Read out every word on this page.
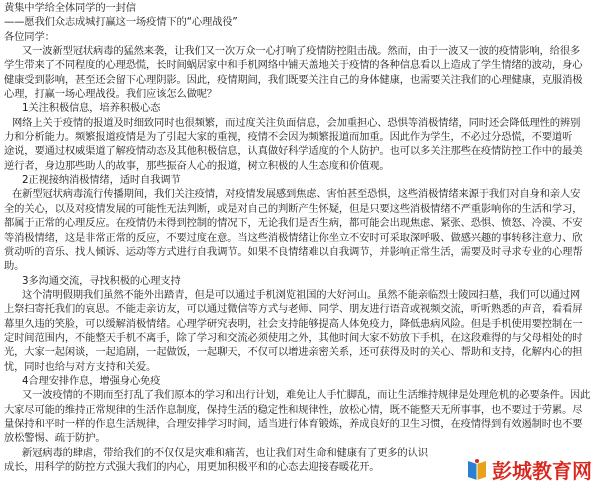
黄集中学给全体同学的一封信
——愿我们众志成城打赢这一场疫情下的“心理战役”
各位同学：
又一波新型冠状病毒的猛然来袭，让我们又一次万众一心打响了疫情防控阻击战。然而，由于一波又一波的疫情影响，给很多
学生带来了不同程度的心理恐慌，长时间蜗居家中和手机网络中铺天盖地关于疫情的各种信息看以上造成了学生情绪的波动，身心
健康受到影响，甚至还会留下心理阴影。因此，疫情期间，我们既要关注自己的身体健康，也需要关注我们的心理健康，克服消极
心理，打赢一场心理战役。我们应该怎么做呢？
1关注积极信息，培养积极心态
网络上关于疫情的报道及时细致同时也很频繁，而过度关注负面信息，会加重担心、恐惧等消极情绪，同时还会降低理性的辨别
力和分析能力。频繁报道疫情是为了引起大家的重视，疫情不会因为频繁报道而加重。因此作为学生，不必过分恐慌，不要道听
途说，要通过权威渠道了解疫情动态及其他积极信息，认真做好科学适度的个人防护。也可以多关注那些在疫情防控工作中的最美
逆行者，身边那些助人的故事，那些振奋人心的报道，树立积极的人生态度和价值观。
2正视接纳消极情绪，适时自我调节
在新型冠状病毒流行传播期间，我们关注疫情，对疫情发展感到焦虑、害怕甚至恐惧，这些消极情绪来源于我们对自身和亲人安
全的关心，以及对疫情发展的可能性无法判断，或是对自己的判断产生怀疑，但是只要这些消极情绪不严重影响你的生活和学习，
都属于正常的心理反应。在疫情仍未得到控制的情况下，无论我们是否生病，都可能会出现焦虑、紧张、恐惧、愤怒、冷漠、不安
等消极情绪，这是非常正常的反应，不要过度在意。当这些消极情绪让你坐立不安时可采取深呼吸、做感兴趣的事转移注意力、欣
赏动听的音乐、找人倾诉、运动等方式进行自我调节。如果不良情绪难以自我调节，并影响正常生活，需要及时寻求专业的心理帮
助。
3多沟通交流，寻找积极的心理支持
这个清明假期我们虽然不能外出踏青，但是可以通过手机浏览祖国的大好河山。虽然不能亲临烈士陵园扫墓，我们可以通过网
上祭扫寄托我们的哀思。不能走亲访友，可以通过微信等方式与老师、同学、朋友进行语音或视频交流，听听熟悉的声音，看看屏
幕里久违的笑脸，可以缓解消极情绪。心理学研究表明，社会支持能够提高人体免疫力，降低患病风险。但是手机使用要控制在一
定时间范围内，不能整天手机不离手，除了学习和交流必须使用之外，其他时间大家不妨放下手机，在这段难得的与父母相处的时
光，大家一起闲谈，一起追剧，一起做饭，一起聊天，不仅可以增进亲密关系，还可获得及时的关心、帮助和支持，化解内心的担
忧，同时也给与对方支持和关爱。
4合理安排作息，增强身心免疫
又一波疫情的不期而至打乱了我们原本的学习和出行计划，难免让人手忙脚乱，而让生活维持规律是处理危机的必要条件。因此
大家尽可能的维持正常规律的生活作息制度，保持生活的稳定性和规律性，放松心情，既不能整天无所事事，也不要过于劳累。尽
量保持和平时一样的作息生活规律，合理安排学习时间，适当进行体育锻炼，养成良好的卫生习惯，在疫情得到有效遏制时也不要
放松警惕、疏于防护。
新冠病毒的肆虐，带给我们的不仅仅是灾难和痛苦，也让我们对生命和健康有了更多的认识
成长，用科学的防控方式强大我们的内心，用更加积极平和的心态去迎接春暖花开。	彭城教育网
